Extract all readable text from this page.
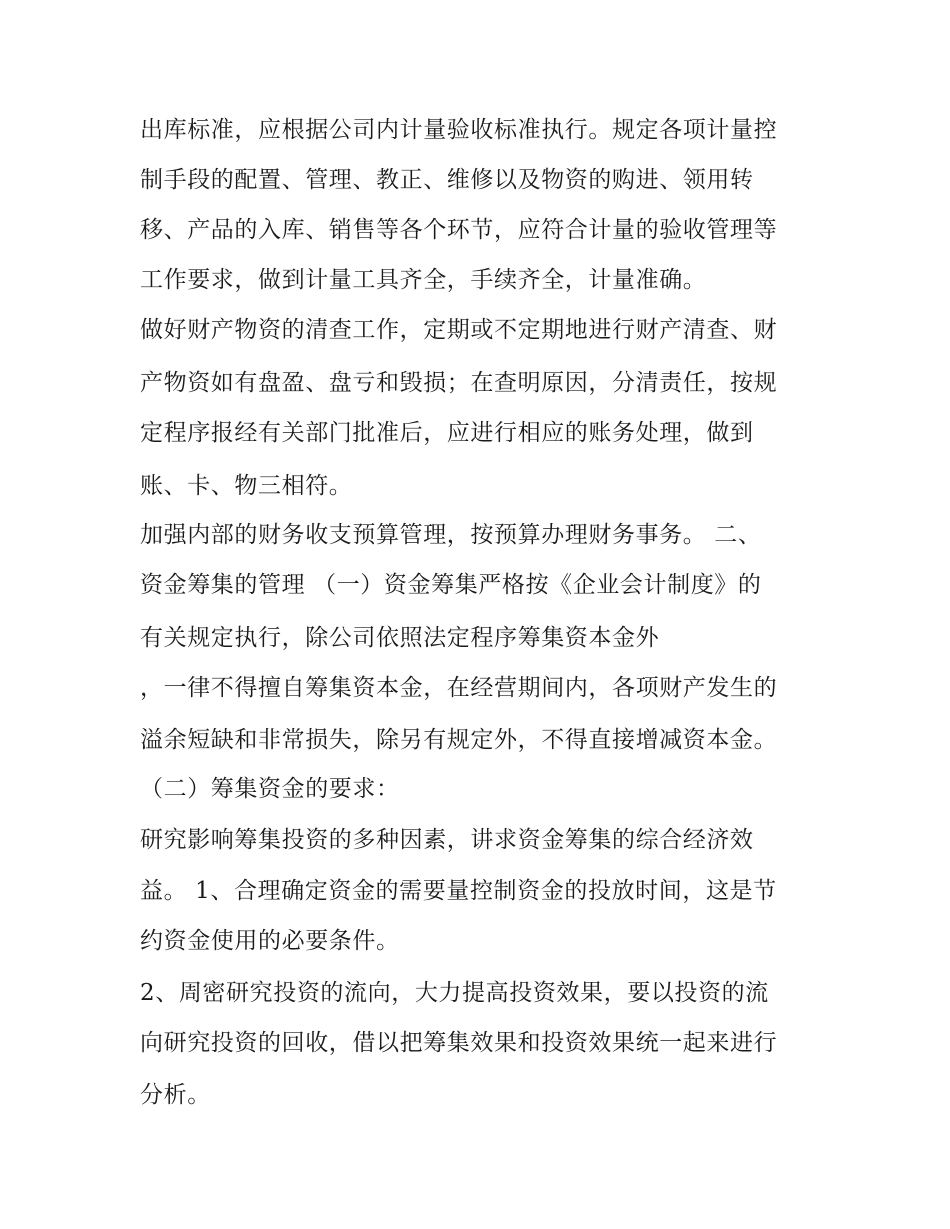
出库标准，应根据公司内计量验收标准执行。规定各项计量控

制手段的配置、管理、教正、维修以及物资的购进、领用转

移、产品的入库、销售等各个环节，应符合计量的验收管理等

工作要求，做到计量工具齐全，手续齐全，计量准确。

做好财产物资的清查工作，定期或不定期地进行财产清查、财

产物资如有盘盈、盘亏和毁损；在查明原因，分清责任，按规

定程序报经有关部门批准后，应进行相应的账务处理，做到

账、卡、物三相符。

加强内部的财务收支预算管理，按预算办理财务事务。 二、

资金筹集的管理 （一）资金筹集严格按《企业会计制度》的

有关规定执行，除公司依照法定程序筹集资本金外

，一律不得擅自筹集资本金，在经营期间内，各项财产发生的

溢余短缺和非常损失，除另有规定外，不得直接增减资本金。

（二）筹集资金的要求：

研究影响筹集投资的多种因素，讲求资金筹集的综合经济效

益。 1、合理确定资金的需要量控制资金的投放时间，这是节

约资金使用的必要条件。

2、周密研究投资的流向，大力提高投资效果，要以投资的流

向研究投资的回收，借以把筹集效果和投资效果统一起来进行

分析。
